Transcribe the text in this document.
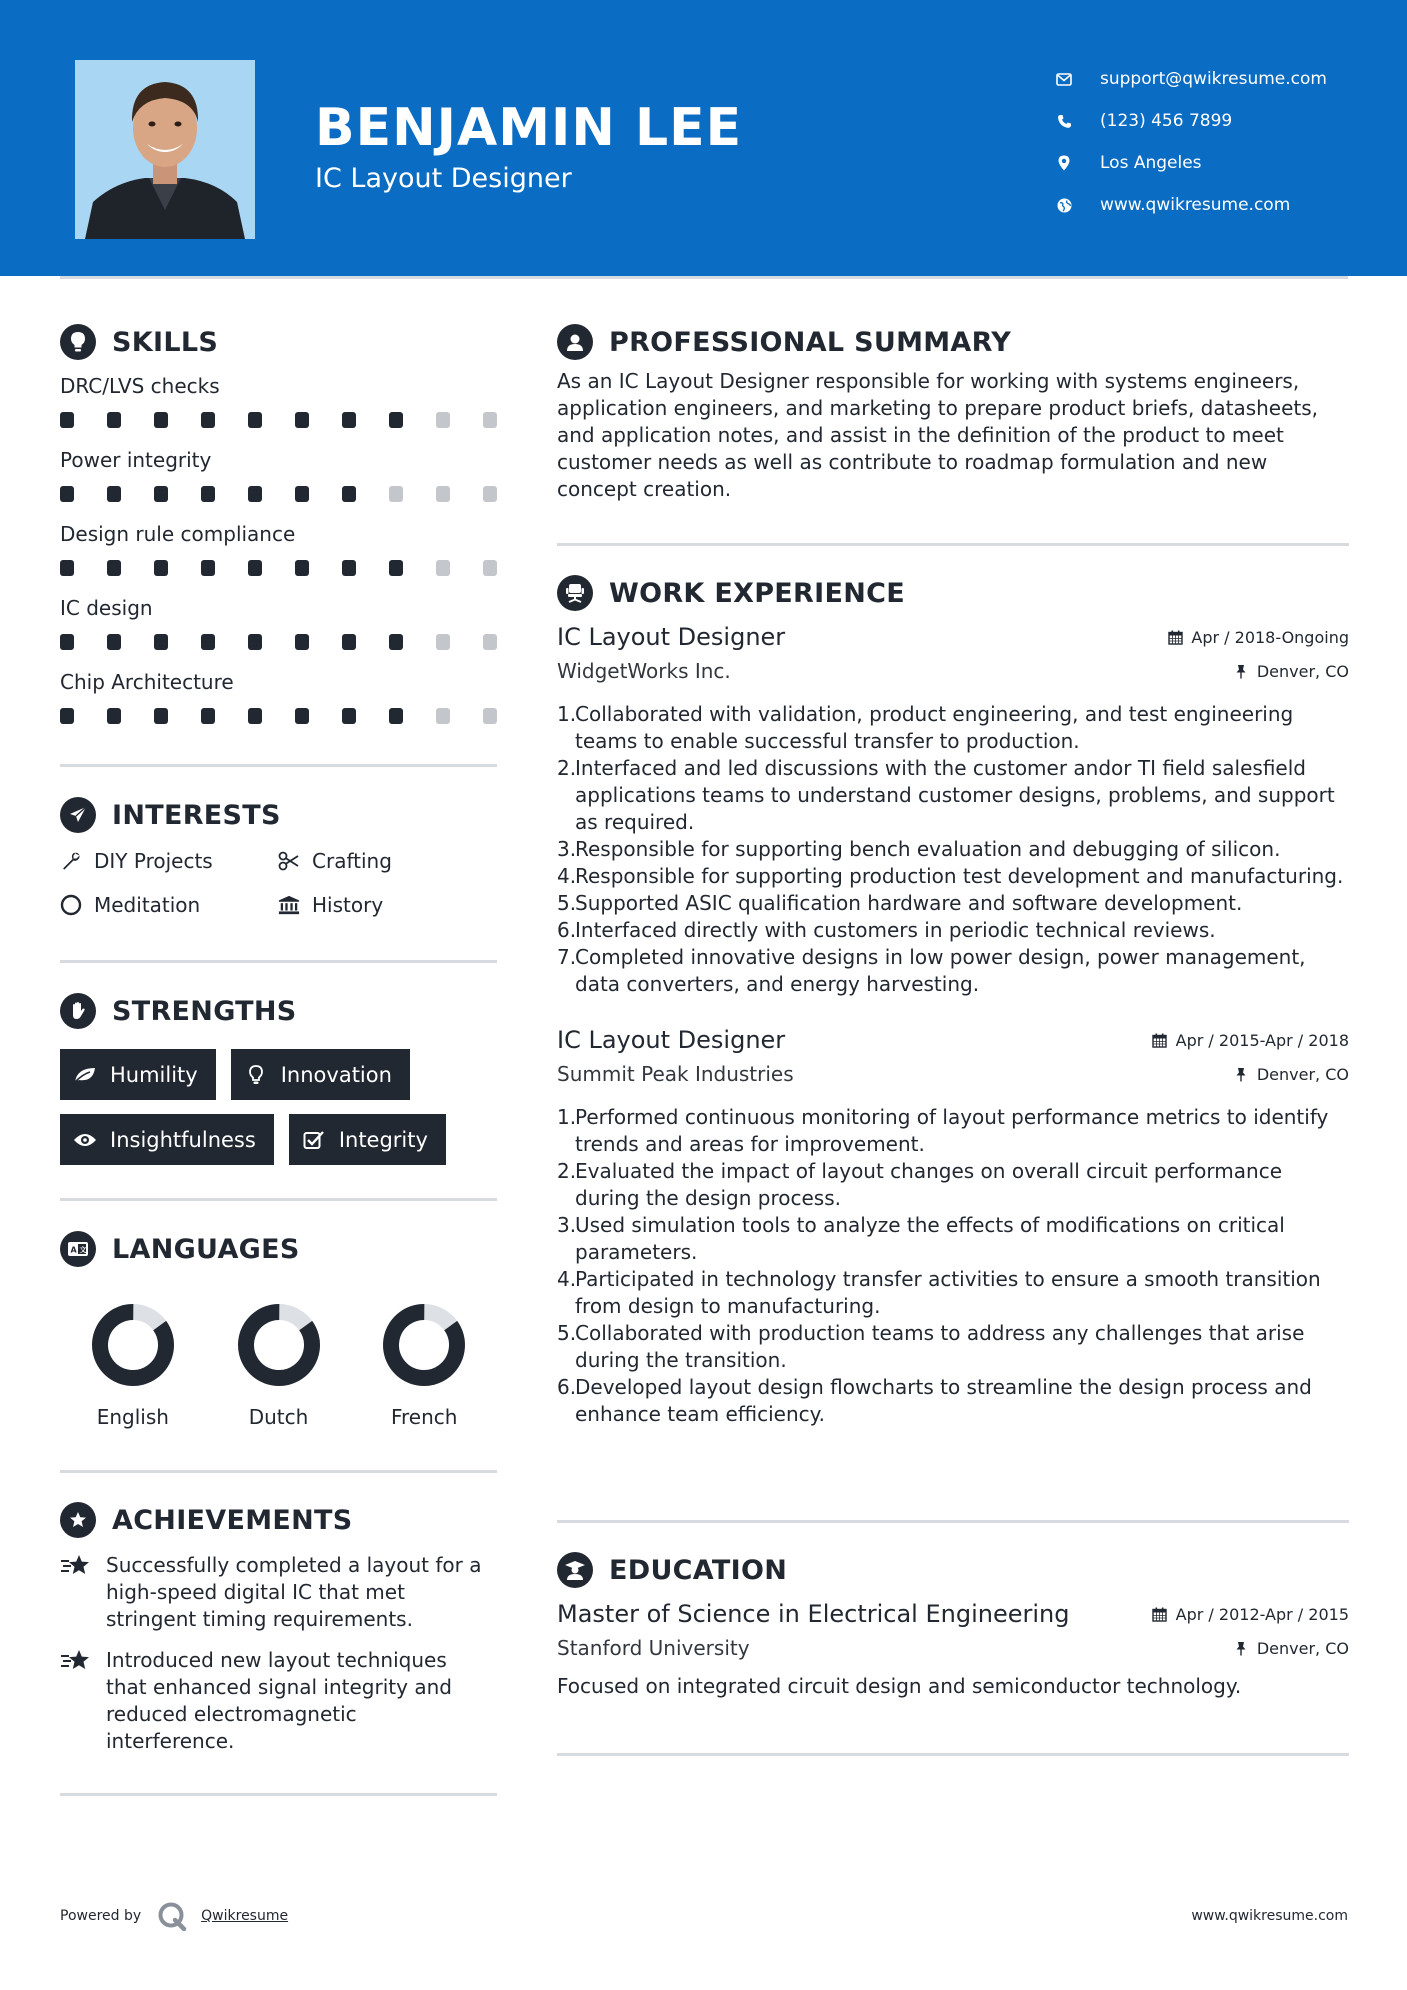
BENJAMIN LEE
IC Layout Designer
support@qwikresume.com
(123) 456 7899
Los Angeles
www.qwikresume.com
SKILLS
DRC/LVS checks
Power integrity
Design rule compliance
IC design
Chip Architecture
INTERESTS
DIY Projects	Crafting
Meditation	History
STRENGTHS
Humility	Innovation
Insightfulness	Integrity
A 文 LANGUAGES
English	Dutch	French
ACHIEVEMENTS
Successfully completed a layout for a high-speed digital IC that met stringent timing requirements.
Introduced new layout techniques that enhanced signal integrity and reduced electromagnetic interference.
PROFESSIONAL SUMMARY
As an IC Layout Designer responsible for working with systems engineers, application engineers, and marketing to prepare product briefs, datasheets, and application notes, and assist in the definition of the product to meet customer needs as well as contribute to roadmap formulation and new concept creation.
WORK EXPERIENCE
IC Layout Designer	Apr / 2018-Ongoing
WidgetWorks Inc.	Denver, CO
1.
Collaborated with validation, product engineering, and test engineering teams to enable successful transfer to production.
2.
Interfaced and led discussions with the customer andor TI field salesfield applications teams to understand customer designs, problems, and support as required.
3.
Responsible for supporting bench evaluation and debugging of silicon.
4.
Responsible for supporting production test development and manufacturing.
5.
Supported ASIC qualification hardware and software development.
6.
Interfaced directly with customers in periodic technical reviews.
7.
Completed innovative designs in low power design, power management, data converters, and energy harvesting.
IC Layout Designer	Apr / 2015-Apr / 2018
Summit Peak Industries	Denver, CO
1.
Performed continuous monitoring of layout performance metrics to identify trends and areas for improvement.
2.
Evaluated the impact of layout changes on overall circuit performance during the design process.
3.
Used simulation tools to analyze the effects of modifications on critical parameters.
4.
Participated in technology transfer activities to ensure a smooth transition from design to manufacturing.
5.
Collaborated with production teams to address any challenges that arise during the transition.
6.
Developed layout design flowcharts to streamline the design process and enhance team efficiency.
EDUCATION
Master of Science in Electrical Engineering	Apr / 2012-Apr / 2015
Stanford University	Denver, CO
Focused on integrated circuit design and semiconductor technology.
Powered by	Qwikresume	www.qwikresume.com
